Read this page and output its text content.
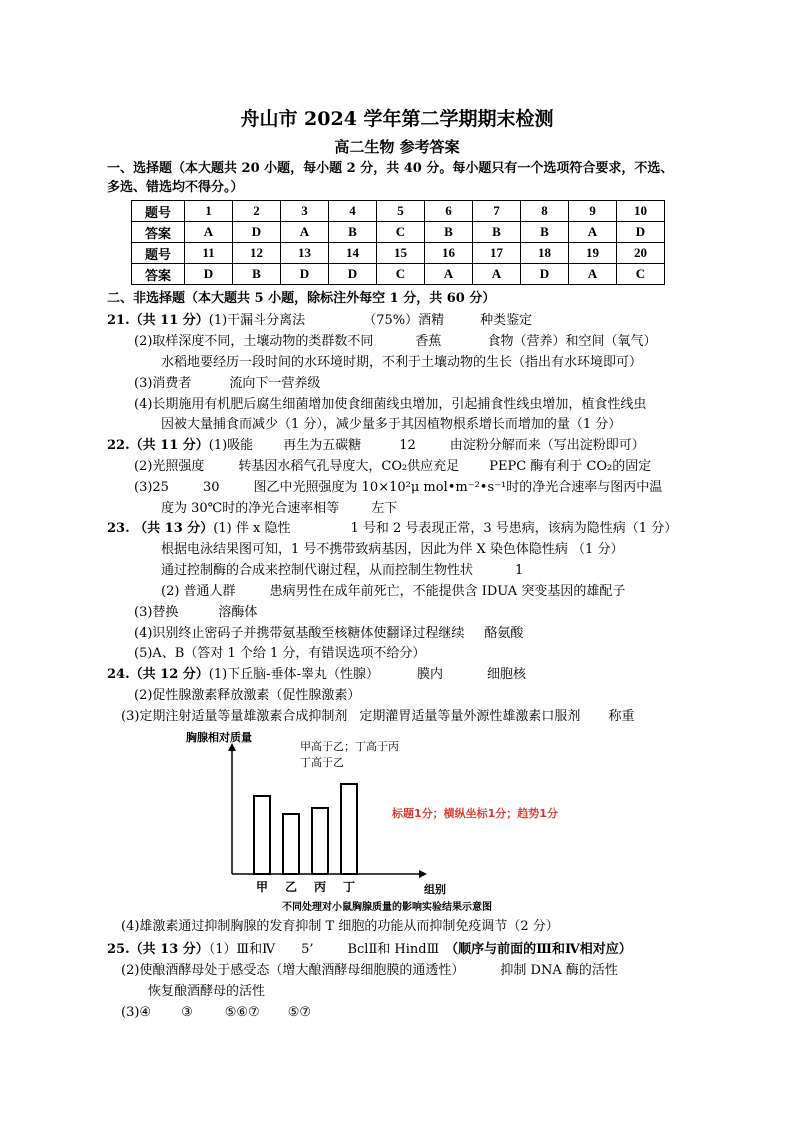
舟山市 2024 学年第二学期期末检测
高二生物 参考答案
一、选择题（本大题共 20 小题，每小题 2 分，共 40 分。每小题只有一个选项符合要求，不选、
多选、错选均不得分。）
题号	1	2	3	4	5	6	7	8	9	10
答案	A	D	A	B	C	B	B	B	A	D
题号	11	12	13	14	15	16	17	18	19	20
答案	D	B	D	D	C	A	A	D	A	C
二、非选择题（本大题共 5 小题，除标注外每空 1 分，共 60 分）
21.（共 11 分）(1)干漏斗分离法	（75%）酒精	种类鉴定
(2)取样深度不同，土壤动物的类群数不同	香蕉	食物（营养）和空间（氧气）
水稻地要经历一段时间的水环境时期，不利于土壤动物的生长（指出有水环境即可）
(3)消费者	流向下一营养级
(4)长期施用有机肥后腐生细菌增加使食细菌线虫增加，引起捕食性线虫增加，植食性线虫
因被大量捕食而减少（1 分），减少量多于其因植物根系增长而增加的量（1 分）
22.（共 11 分）(1)吸能 再生为五碳糖	12	由淀粉分解而来（写出淀粉即可）
(2)光照强度	转基因水稻气孔导度大，CO₂供应充足 PEPC 酶有利于 CO₂的固定
(3)25	30	图乙中光照强度为 10×10²μ mol•m⁻²•s⁻¹时的净光合速率与图丙中温
度为 30℃时的净光合速率相等 左下
23. （共 13 分）(1) 伴 x 隐性	1 号和 2 号表现正常，3 号患病，该病为隐性病（1 分）
根据电泳结果图可知，1 号不携带致病基因，因此为伴 X 染色体隐性病 （1 分）
通过控制酶的合成来控制代谢过程，从而控制生物性状	1
(2) 普通人群	患病男性在成年前死亡，不能提供含 IDUA 突变基因的雄配子
(3)替换	溶酶体
(4)识别终止密码子并携带氨基酸至核糖体使翻译过程继续 酪氨酸
(5)A、B（答对 1 个给 1 分，有错误选项不给分）
24.（共 12 分）(1)下丘脑-垂体-睾丸（性腺）	膜内	细胞核
(2)促性腺激素释放激素（促性腺激素）
(3)定期注射适量等量雄激素合成抑制剂 定期灌胃适量等量外源性雄激素口服剂 称重
甲 乙 丙 丁
胸腺相对质量
甲高于乙；丁高于丙
丁高于乙
组别
标题1分；横纵坐标1分；趋势1分
不同处理对小鼠胸腺质量的影响实验结果示意图
(4)雄激素通过抑制胸腺的发育抑制 T 细胞的功能从而抑制免疫调节（2 分）
25.（共 13 分）（1）Ⅲ和Ⅳ 5’	BclⅡ和 HindⅢ （顺序与前面的Ⅲ和Ⅳ相对应）
(2)使酿酒酵母处于感受态（增大酿酒酵母细胞膜的通透性）	抑制 DNA 酶的活性
恢复酿酒酵母的活性
(3)④ ③ ⑤⑥⑦ ⑤⑦
